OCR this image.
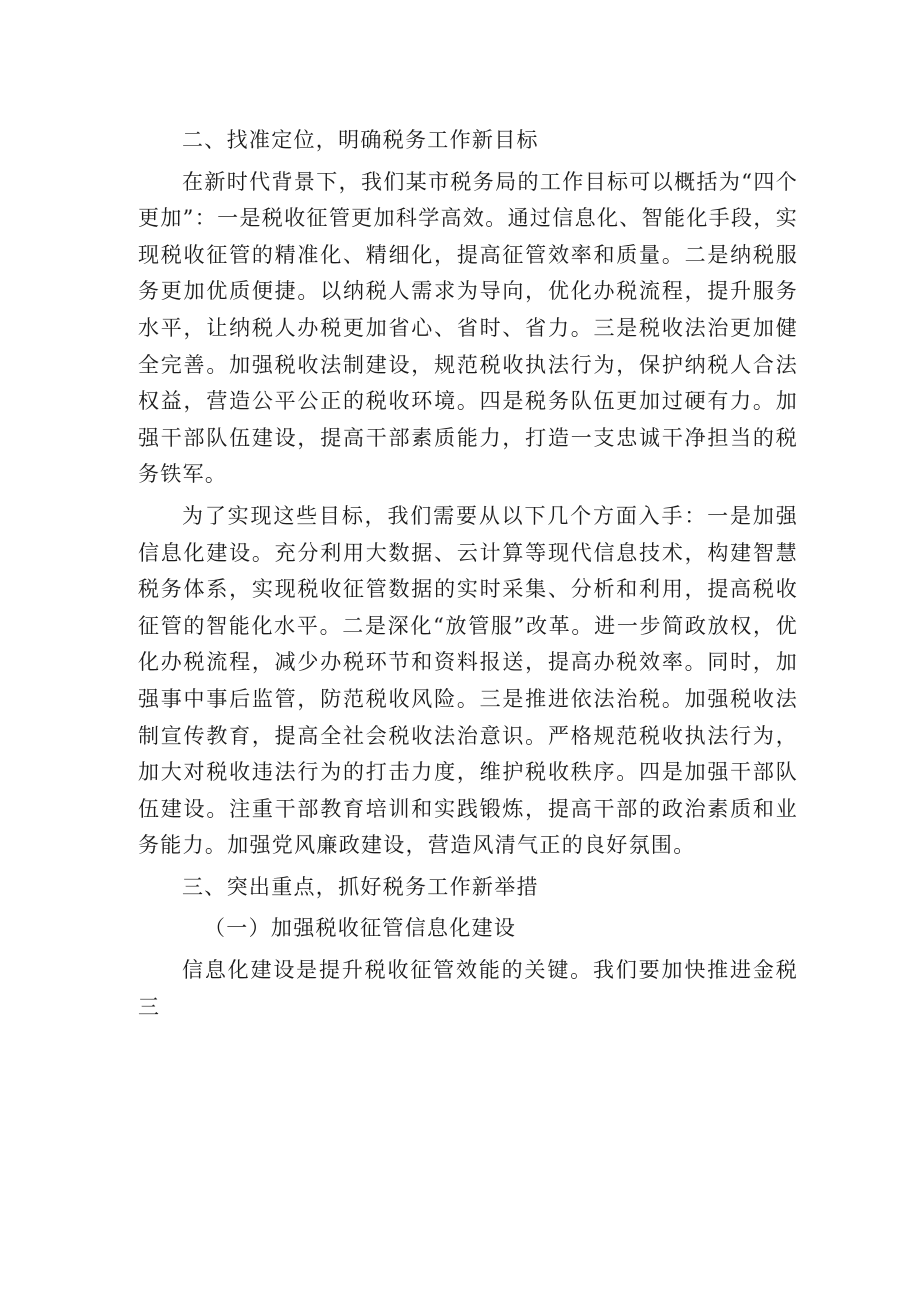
二、找准定位，明确税务工作新目标

在新时代背景下，我们某市税务局的工作目标可以概括为“四个更加”：一是税收征管更加科学高效。通过信息化、智能化手段，实现税收征管的精准化、精细化，提高征管效率和质量。二是纳税服务更加优质便捷。以纳税人需求为导向，优化办税流程，提升服务水平，让纳税人办税更加省心、省时、省力。三是税收法治更加健全完善。加强税收法制建设，规范税收执法行为，保护纳税人合法权益，营造公平公正的税收环境。四是税务队伍更加过硬有力。加强干部队伍建设，提高干部素质能力，打造一支忠诚干净担当的税务铁军。

为了实现这些目标，我们需要从以下几个方面入手：一是加强信息化建设。充分利用大数据、云计算等现代信息技术，构建智慧税务体系，实现税收征管数据的实时采集、分析和利用，提高税收征管的智能化水平。二是深化“放管服”改革。进一步简政放权，优化办税流程，减少办税环节和资料报送，提高办税效率。同时，加强事中事后监管，防范税收风险。三是推进依法治税。加强税收法制宣传教育，提高全社会税收法治意识。严格规范税收执法行为，加大对税收违法行为的打击力度，维护税收秩序。四是加强干部队伍建设。注重干部教育培训和实践锻炼，提高干部的政治素质和业务能力。加强党风廉政建设，营造风清气正的良好氛围。

三、突出重点，抓好税务工作新举措

（一）加强税收征管信息化建设

信息化建设是提升税收征管效能的关键。我们要加快推进金税三
